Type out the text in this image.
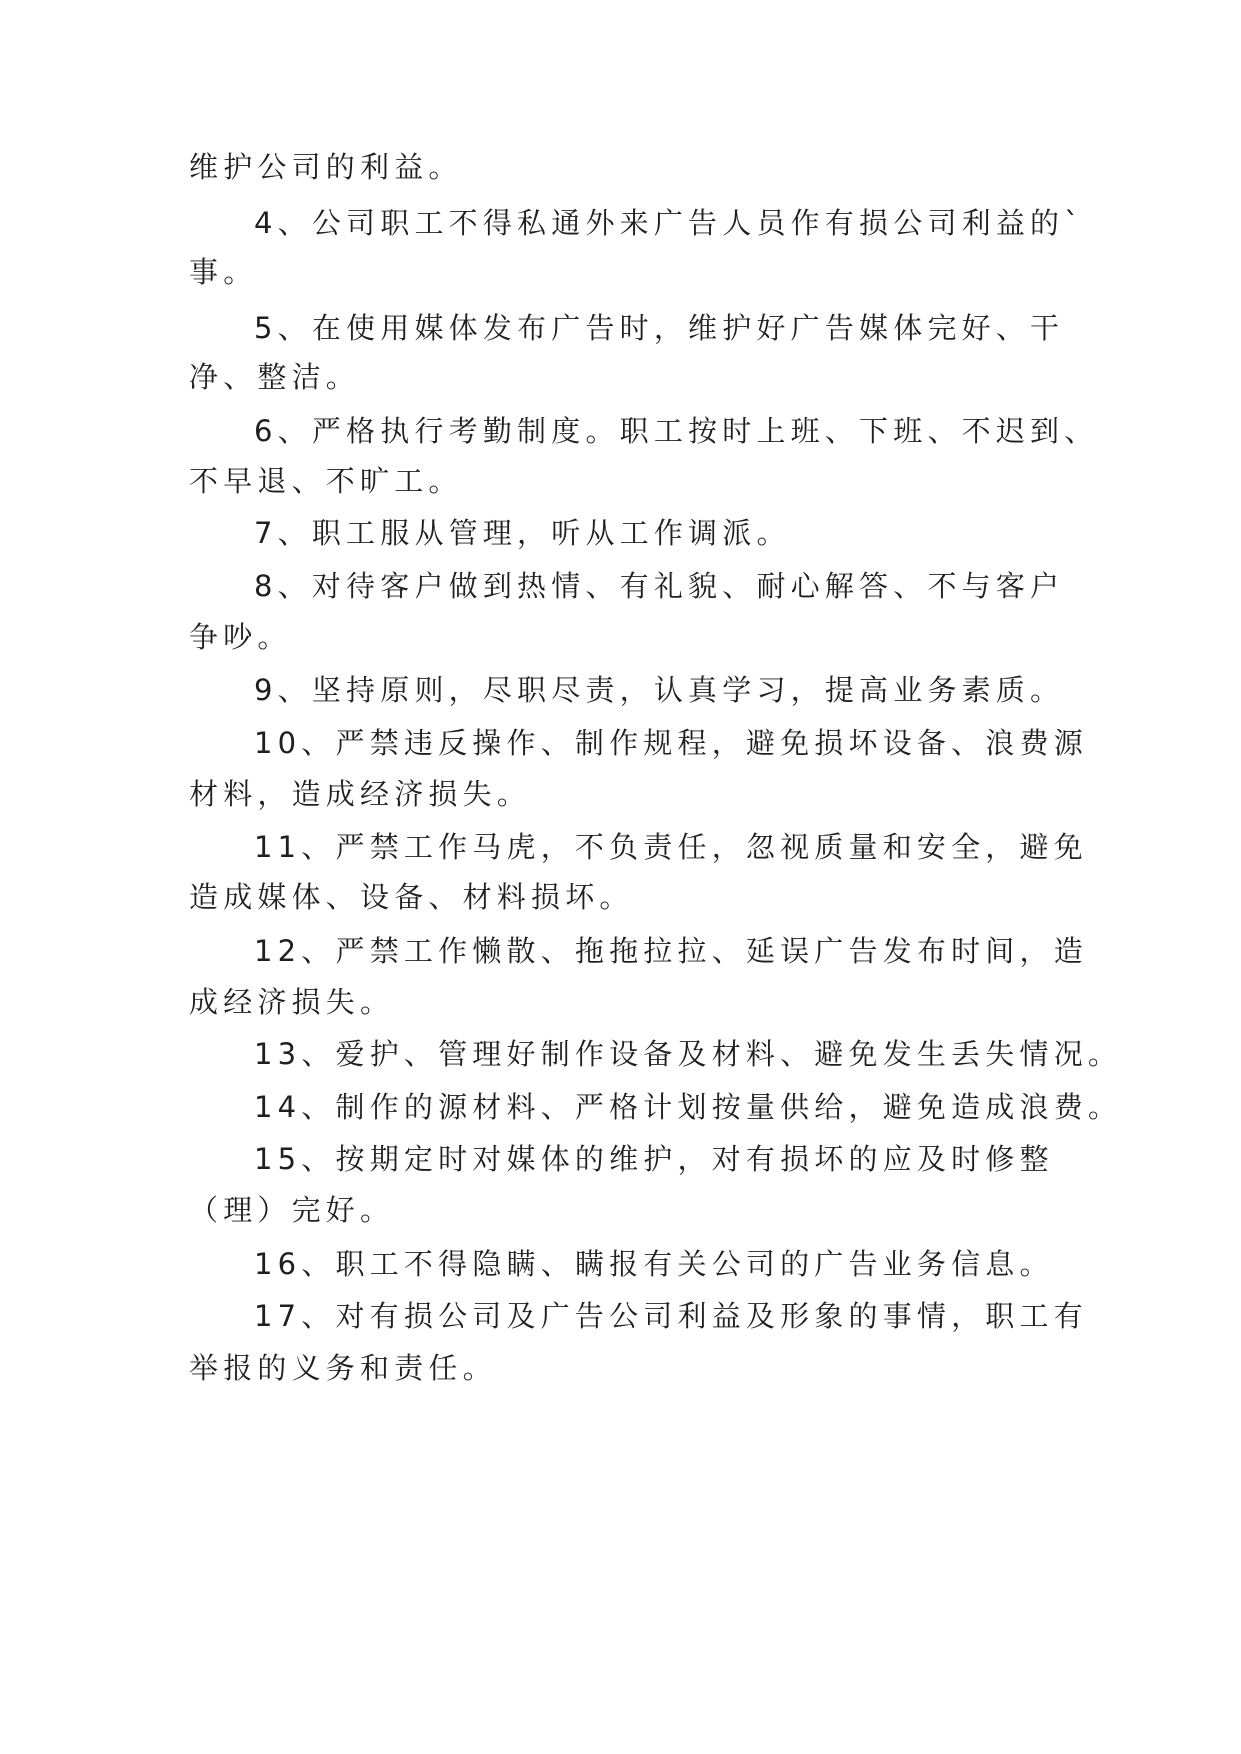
维护公司的利益。
4、公司职工不得私通外来广告人员作有损公司利益的`
事。
5、在使用媒体发布广告时，维护好广告媒体完好、干
净、整洁。
6、严格执行考勤制度。职工按时上班、下班、不迟到、
不早退、不旷工。
7、职工服从管理，听从工作调派。
8、对待客户做到热情、有礼貌、耐心解答、不与客户
争吵。
9、坚持原则，尽职尽责，认真学习，提高业务素质。
10、严禁违反操作、制作规程，避免损坏设备、浪费源
材料，造成经济损失。
11、严禁工作马虎，不负责任，忽视质量和安全，避免
造成媒体、设备、材料损坏。
12、严禁工作懒散、拖拖拉拉、延误广告发布时间，造
成经济损失。
13、爱护、管理好制作设备及材料、避免发生丢失情况。
14、制作的源材料、严格计划按量供给，避免造成浪费。
15、按期定时对媒体的维护，对有损坏的应及时修整
（理）完好。
16、职工不得隐瞒、瞒报有关公司的广告业务信息。
17、对有损公司及广告公司利益及形象的事情，职工有
举报的义务和责任。
